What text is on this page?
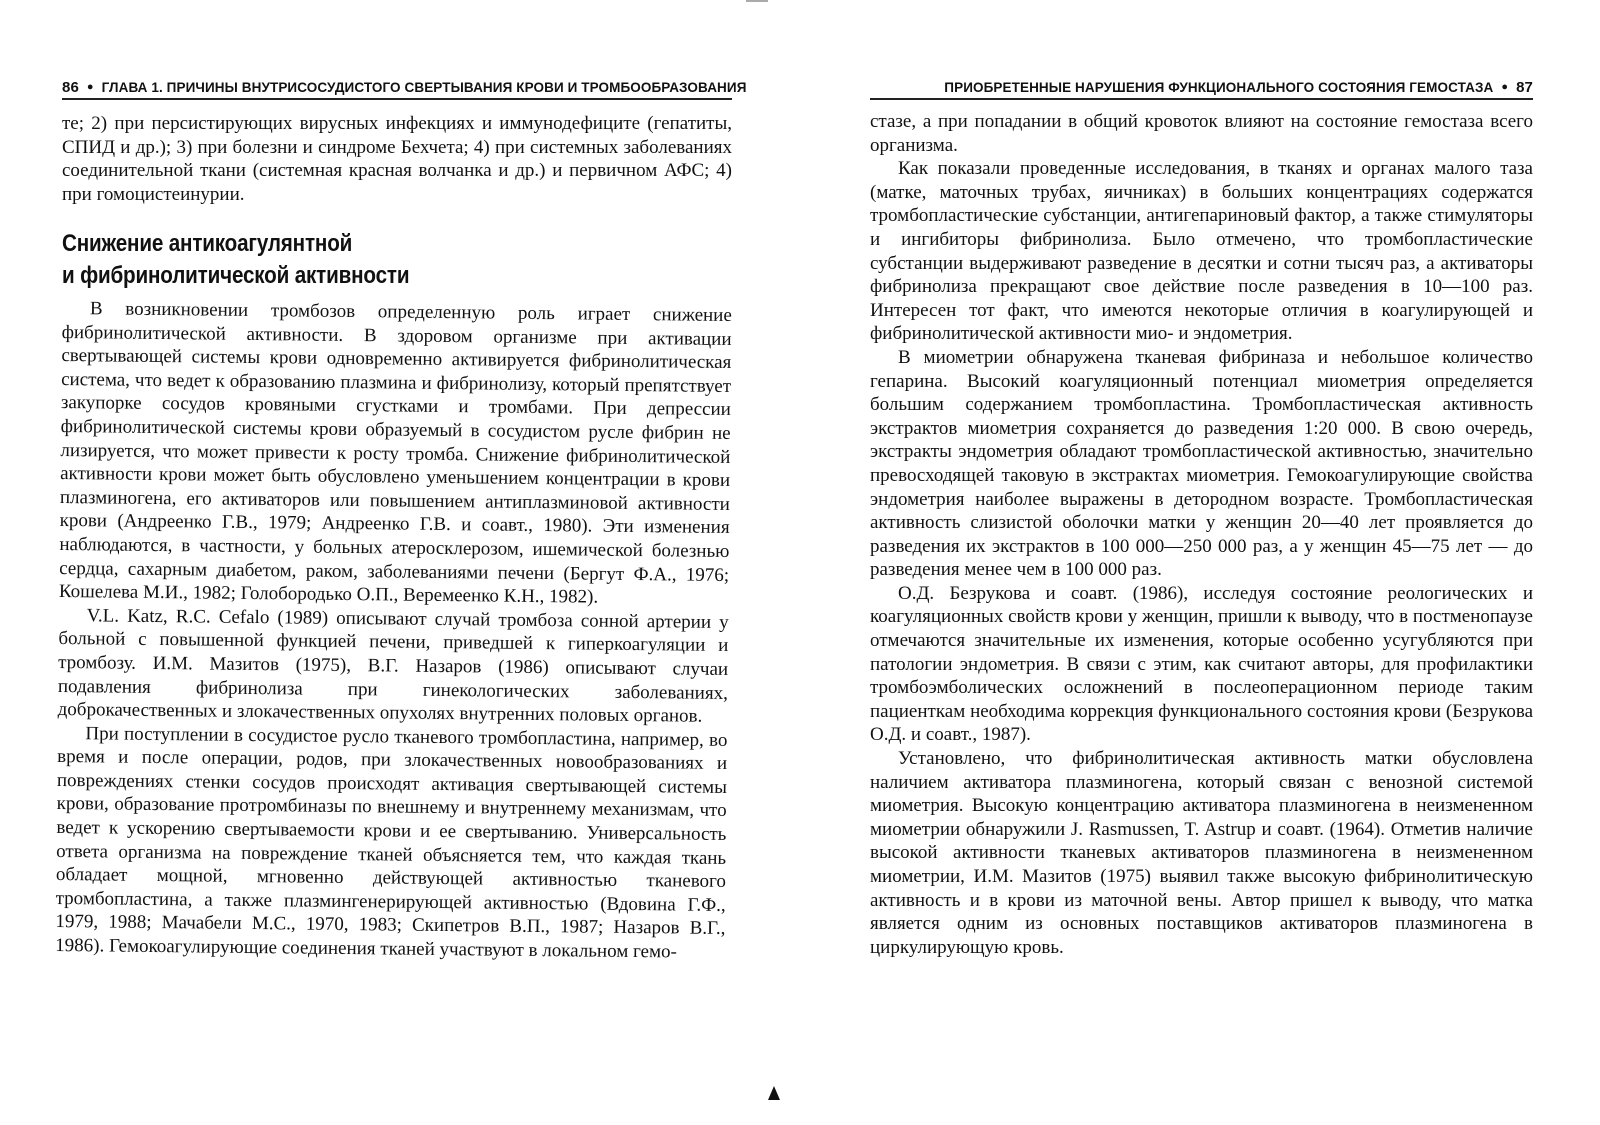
86 ● ГЛАВА 1. ПРИЧИНЫ ВНУТРИСОСУДИСТОГО СВЕРТЫВАНИЯ КРОВИ И ТРОМБООБРАЗОВАНИЯ

те; 2) при персистирующих вирусных инфекциях и иммунодефиците (гепатиты, СПИД и др.); 3) при болезни и синдроме Бехчета; 4) при системных заболеваниях соединительной ткани (системная красная волчанка и др.) и первичном АФС; 4) при гомоцистеинурии.

Снижение антикоагулянтной
и фибринолитической активности

В возникновении тромбозов определенную роль играет снижение фибринолитической активности. В здоровом организме при активации свертывающей системы крови одновременно активируется фибринолитическая система, что ведет к образованию плазмина и фибринолизу, который препятствует закупорке сосудов кровяными сгустками и тромбами. При депрессии фибринолитической системы крови образуемый в сосудистом русле фибрин не лизируется, что может привести к росту тромба. Снижение фибринолитической активности крови может быть обусловлено уменьшением концентрации в крови плазминогена, его активаторов или повышением антиплазминовой активности крови (Андреенко Г.В., 1979; Андреенко Г.В. и соавт., 1980). Эти изменения наблюдаются, в частности, у больных атеросклерозом, ишемической болезнью сердца, сахарным диабетом, раком, заболеваниями печени (Бергут Ф.А., 1976; Кошелева М.И., 1982; Голобородько О.П., Веремеенко К.Н., 1982).

V.L. Katz, R.C. Cefalo (1989) описывают случай тромбоза сонной артерии у больной с повышенной функцией печени, приведшей к гиперкоагуляции и тромбозу. И.М. Мазитов (1975), В.Г. Назаров (1986) описывают случаи подавления фибринолиза при гинекологических заболеваниях, доброкачественных и злокачественных опухолях внутренних половых органов.

При поступлении в сосудистое русло тканевого тромбопластина, например, во время и после операции, родов, при злокачественных новообразованиях и повреждениях стенки сосудов происходят активация свертывающей системы крови, образование протромбиназы по внешнему и внутреннему механизмам, что ведет к ускорению свертываемости крови и ее свертыванию. Универсальность ответа организма на повреждение тканей объясняется тем, что каждая ткань обладает мощной, мгновенно действующей активностью тканевого тромбопластина, а также плазмингенерирующей активностью (Вдовина Г.Ф., 1979, 1988; Мачабели М.С., 1970, 1983; Скипетров В.П., 1987; Назаров В.Г., 1986). Гемокоагулирующие соединения тканей участвуют в локальном гемо-

ПРИОБРЕТЕННЫЕ НАРУШЕНИЯ ФУНКЦИОНАЛЬНОГО СОСТОЯНИЯ ГЕМОСТАЗА ● 87

стазе, а при попадании в общий кровоток влияют на состояние гемостаза всего организма.

Как показали проведенные исследования, в тканях и органах малого таза (матке, маточных трубах, яичниках) в больших концентрациях содержатся тромбопластические субстанции, антигепариновый фактор, а также стимуляторы и ингибиторы фибринолиза. Было отмечено, что тромбопластические субстанции выдерживают разведение в десятки и сотни тысяч раз, а активаторы фибринолиза прекращают свое действие после разведения в 10—100 раз. Интересен тот факт, что имеются некоторые отличия в коагулирующей и фибринолитической активности мио- и эндометрия.

В миометрии обнаружена тканевая фибриназа и небольшое количество гепарина. Высокий коагуляционный потенциал миометрия определяется большим содержанием тромбопластина. Тромбопластическая активность экстрактов миометрия сохраняется до разведения 1:20 000. В свою очередь, экстракты эндометрия обладают тромбопластической активностью, значительно превосходящей таковую в экстрактах миометрия. Гемокоагулирующие свойства эндометрия наиболее выражены в детородном возрасте. Тромбопластическая активность слизистой оболочки матки у женщин 20—40 лет проявляется до разведения их экстрактов в 100 000—250 000 раз, а у женщин 45—75 лет — до разведения менее чем в 100 000 раз.

О.Д. Безрукова и соавт. (1986), исследуя состояние реологических и коагуляционных свойств крови у женщин, пришли к выводу, что в постменопаузе отмечаются значительные их изменения, которые особенно усугубляются при патологии эндометрия. В связи с этим, как считают авторы, для профилактики тромбоэмболических осложнений в послеоперационном периоде таким пациенткам необходима коррекция функционального состояния крови (Безрукова О.Д. и соавт., 1987).

Установлено, что фибринолитическая активность матки обусловлена наличием активатора плазминогена, который связан с венозной системой миометрия. Высокую концентрацию активатора плазминогена в неизмененном миометрии обнаружили J. Rasmussen, T. Astrup и соавт. (1964). Отметив наличие высокой активности тканевых активаторов плазминогена в неизмененном миометрии, И.М. Мазитов (1975) выявил также высокую фибринолитическую активность и в крови из маточной вены. Автор пришел к выводу, что матка является одним из основных поставщиков активаторов плазминогена в циркулирующую кровь.
